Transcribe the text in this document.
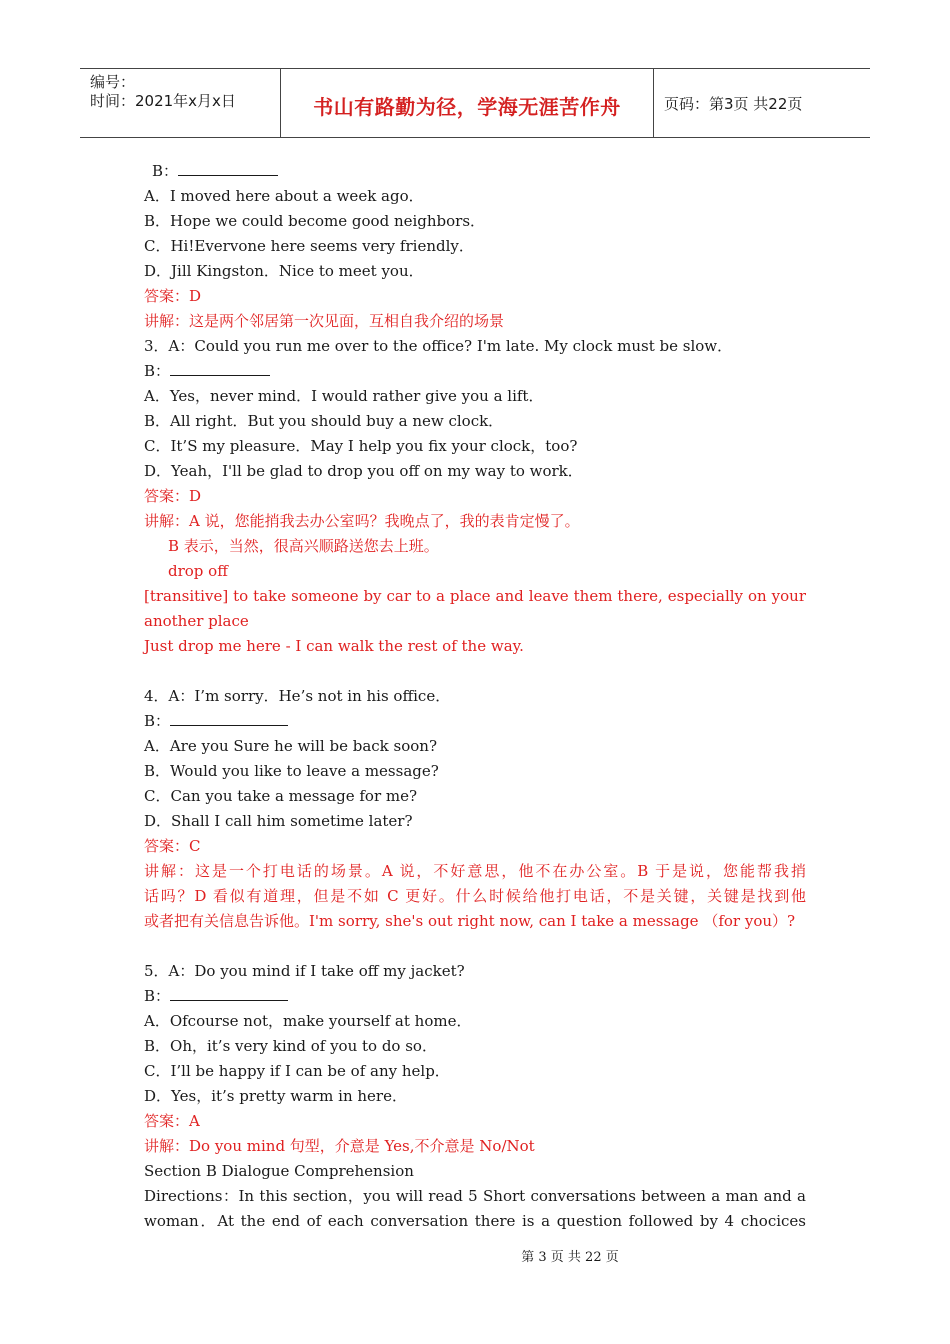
编号：
时间：2021年x月x日	书山有路勤为径，学海无涯苦作舟	页码：第3页 共22页
B：
A．I moved here about a week ago．
B．Hope we could become good neighbors．
C．Hi!Evervone here seems very friendly．
D．Jill Kingston．Nice to meet you．
答案：D
讲解：这是两个邻居第一次见面，互相自我介绍的场景
3．A：Could you run me over to the office? I'm late. My clock must be slow．
B：
A．Yes，never mind．I would rather give you a lift．
B．All right．But you should buy a new clock．
C．It’S my pleasure．May I help you fix your clock，too?
D．Yeah，I'll be glad to drop you off on my way to work．
答案：D
讲解：A 说，您能捎我去办公室吗？我晚点了，我的表肯定慢了。
B 表示，当然，很高兴顺路送您去上班。
drop off
[transitive] to take someone by car to a place and leave them there, especially on your
another place
Just drop me here - I can walk the rest of the way.
4．A：I’m sorry．He’s not in his office．
B：
A．Are you Sure he will be back soon?
B．Would you like to leave a message?
C．Can you take a message for me?
D．Shall I call him sometime later?
答案：C
讲解：这是一个打电话的场景。A 说，不好意思，他不在办公室。B 于是说，您能帮我捎
话吗？D 看似有道理，但是不如 C 更好。什么时候给他打电话，不是关键，关键是找到他
或者把有关信息告诉他。I'm sorry, she's out right now, can I take a message （for you）?
5．A：Do you mind if I take off my jacket?
B：
A．Ofcourse not，make yourself at home．
B．Oh，it’s very kind of you to do so．
C．I’ll be happy if I can be of any help．
D．Yes，it’s pretty warm in here．
答案：A
讲解：Do you mind 句型，介意是 Yes,不介意是 No/Not
Section B Dialogue Comprehension
Directions：In this section，you will read 5 Short conversations between a man and a
woman．At the end of each conversation there is a question followed by 4 chocices
第 3 页 共 22 页
